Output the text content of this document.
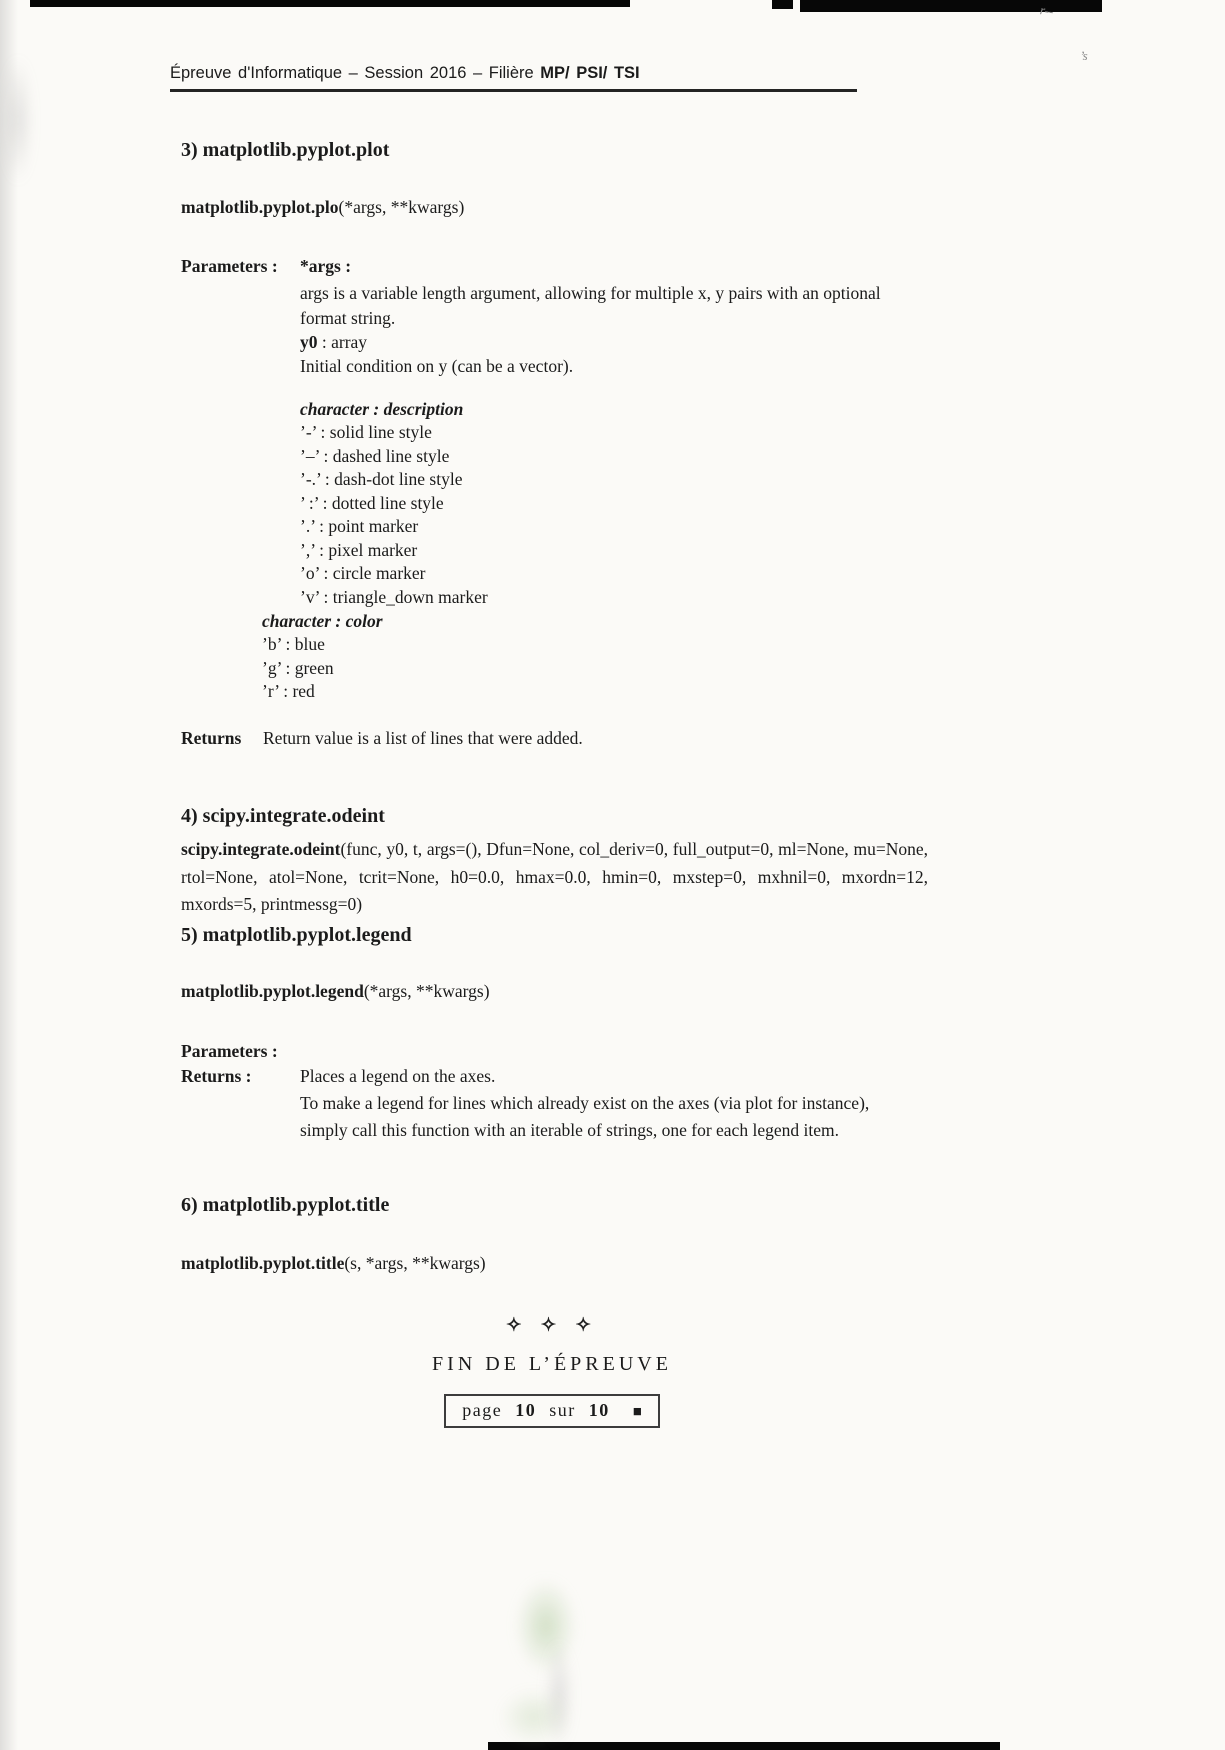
r--
’s
Épreuve d'Informatique – Session 2016 – Filière MP/ PSI/ TSI
3) matplotlib.pyplot.plot
matplotlib.pyplot.plo(*args, **kwargs)
Parameters : *args :
args is a variable length argument, allowing for multiple x, y pairs with an optional
format string.
y0 : array
Initial condition on y (can be a vector).
character : description
’-’ : solid line style
’–’ : dashed line style
’-.’ : dash-dot line style
’ :’ : dotted line style
’.’ : point marker
’,’ : pixel marker
’o’ : circle marker
’v’ : triangle_down marker
character : color
’b’ : blue
’g’ : green
’r’ : red
Returns Return value is a list of lines that were added.
4) scipy.integrate.odeint
scipy.integrate.odeint(func, y0, t, args=(), Dfun=None, col_deriv=0, full_output=0, ml=None, mu=None, rtol=None, atol=None, tcrit=None, h0=0.0, hmax=0.0, hmin=0, mxstep=0, mxhnil=0, mxordn=12, mxords=5, printmessg=0)
5) matplotlib.pyplot.legend
matplotlib.pyplot.legend(*args, **kwargs)
Parameters :
Returns :	Places a legend on the axes.
To make a legend for lines which already exist on the axes (via plot for instance),
simply call this function with an iterable of strings, one for each legend item.
6) matplotlib.pyplot.title
matplotlib.pyplot.title(s, *args, **kwargs)
✧ ✧ ✧
FIN DE L’ÉPREUVE
page 10 sur 10 ■
